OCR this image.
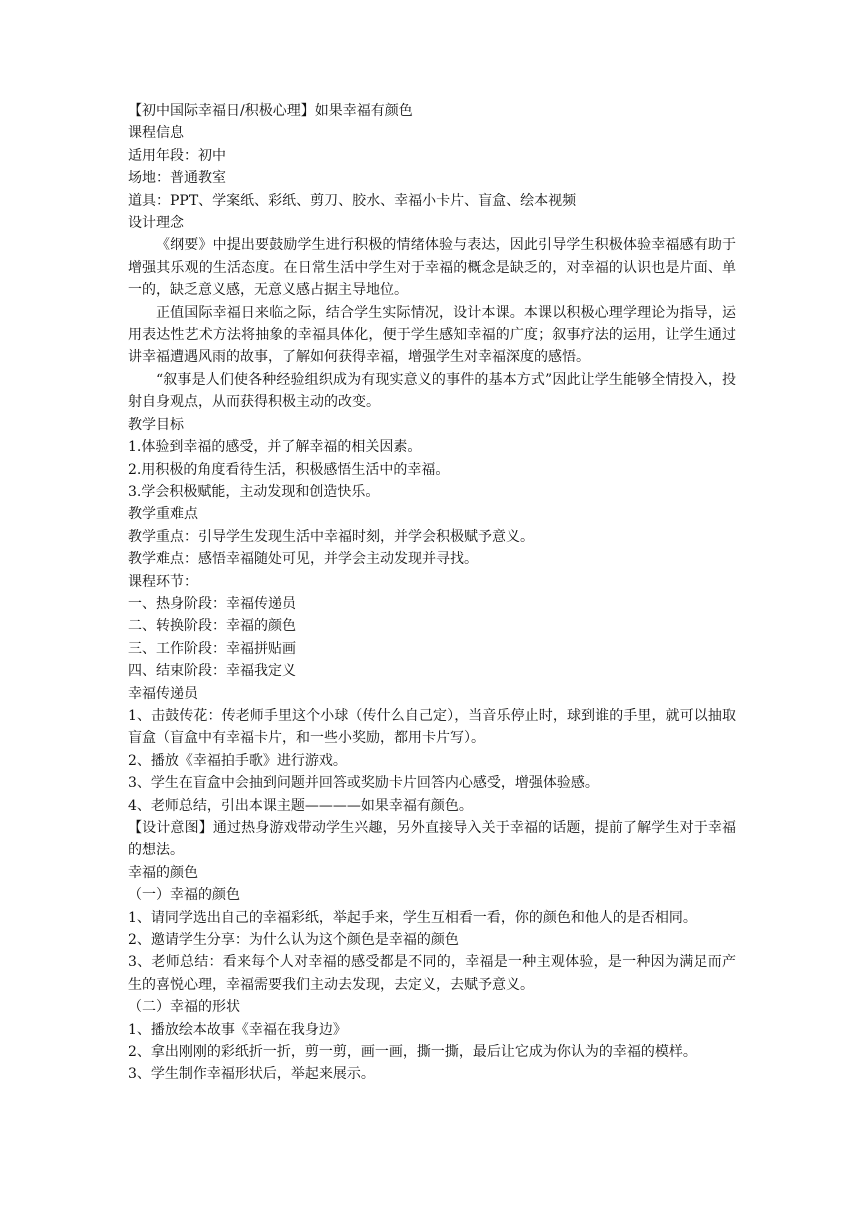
【初中国际幸福日/积极心理】如果幸福有颜色

课程信息

适用年段：初中

场地：普通教室

道具：PPT、学案纸、彩纸、剪刀、胶水、幸福小卡片、盲盒、绘本视频

设计理念

《纲要》中提出要鼓励学生进行积极的情绪体验与表达，因此引导学生积极体验幸福感有助于增强其乐观的生活态度。在日常生活中学生对于幸福的概念是缺乏的，对幸福的认识也是片面、单一的，缺乏意义感，无意义感占据主导地位。

正值国际幸福日来临之际，结合学生实际情况，设计本课。本课以积极心理学理论为指导，运用表达性艺术方法将抽象的幸福具体化，便于学生感知幸福的广度；叙事疗法的运用，让学生通过讲幸福遭遇风雨的故事，了解如何获得幸福，增强学生对幸福深度的感悟。

“叙事是人们使各种经验组织成为有现实意义的事件的基本方式”因此让学生能够全情投入，投射自身观点，从而获得积极主动的改变。

教学目标

1.体验到幸福的感受，并了解幸福的相关因素。

2.用积极的角度看待生活，积极感悟生活中的幸福。

3.学会积极赋能，主动发现和创造快乐。

教学重难点

教学重点：引导学生发现生活中幸福时刻，并学会积极赋予意义。

教学难点：感悟幸福随处可见，并学会主动发现并寻找。

课程环节：

一、热身阶段：幸福传递员

二、转换阶段：幸福的颜色

三、工作阶段：幸福拼贴画

四、结束阶段：幸福我定义

幸福传递员

1、击鼓传花：传老师手里这个小球（传什么自己定），当音乐停止时，球到谁的手里，就可以抽取盲盒（盲盒中有幸福卡片，和一些小奖励，都用卡片写）。

2、播放《幸福拍手歌》进行游戏。

3、学生在盲盒中会抽到问题并回答或奖励卡片回答内心感受，增强体验感。

4、老师总结，引出本课主题————如果幸福有颜色。

【设计意图】通过热身游戏带动学生兴趣，另外直接导入关于幸福的话题，提前了解学生对于幸福的想法。

幸福的颜色

（一）幸福的颜色

1、请同学选出自己的幸福彩纸，举起手来，学生互相看一看，你的颜色和他人的是否相同。

2、邀请学生分享：为什么认为这个颜色是幸福的颜色

3、老师总结：看来每个人对幸福的感受都是不同的，幸福是一种主观体验，是一种因为满足而产生的喜悦心理，幸福需要我们主动去发现，去定义，去赋予意义。

（二）幸福的形状

1、播放绘本故事《幸福在我身边》

2、拿出刚刚的彩纸折一折，剪一剪，画一画，撕一撕，最后让它成为你认为的幸福的模样。

3、学生制作幸福形状后，举起来展示。
